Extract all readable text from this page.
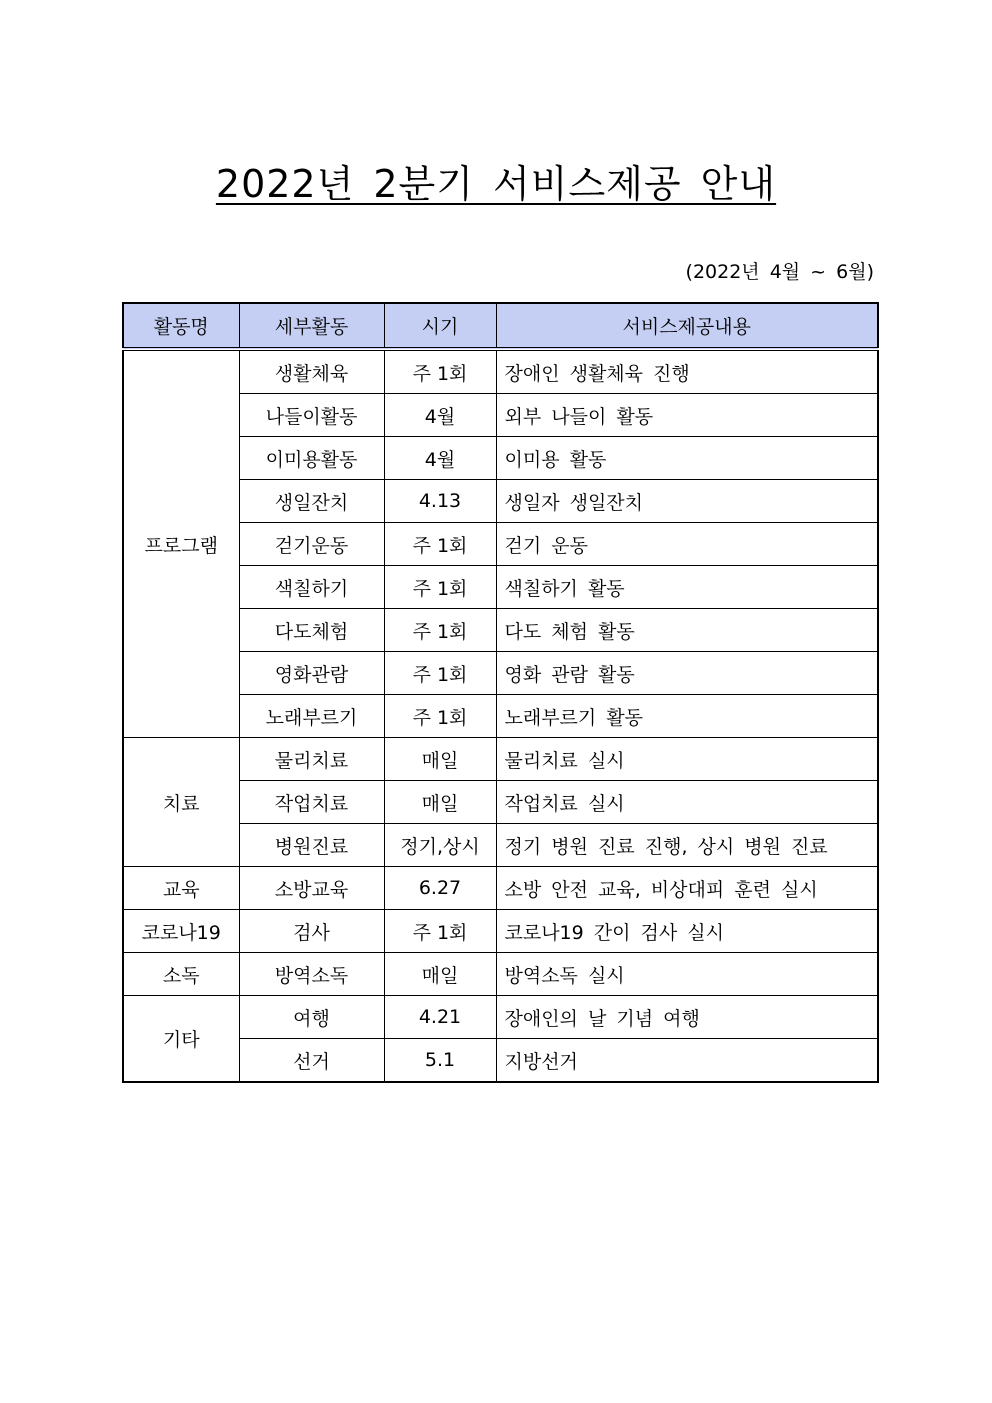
2022년 2분기 서비스제공 안내
(2022년 4월 ~ 6월)
활동명	세부활동	시기	서비스제공내용
프로그램	생활체육	주 1회	장애인 생활체육 진행
	나들이활동	4월	외부 나들이 활동
	이미용활동	4월	이미용 활동
	생일잔치	4.13	생일자 생일잔치
	걷기운동	주 1회	걷기 운동
	색칠하기	주 1회	색칠하기 활동
	다도체험	주 1회	다도 체험 활동
	영화관람	주 1회	영화 관람 활동
	노래부르기	주 1회	노래부르기 활동
치료	물리치료	매일	물리치료 실시
	작업치료	매일	작업치료 실시
	병원진료	정기,상시	정기 병원 진료 진행, 상시 병원 진료
교육	소방교육	6.27	소방 안전 교육, 비상대피 훈련 실시
코로나19	검사	주 1회	코로나19 간이 검사 실시
소독	방역소독	매일	방역소독 실시
기타	여행	4.21	장애인의 날 기념 여행
	선거	5.1	지방선거
